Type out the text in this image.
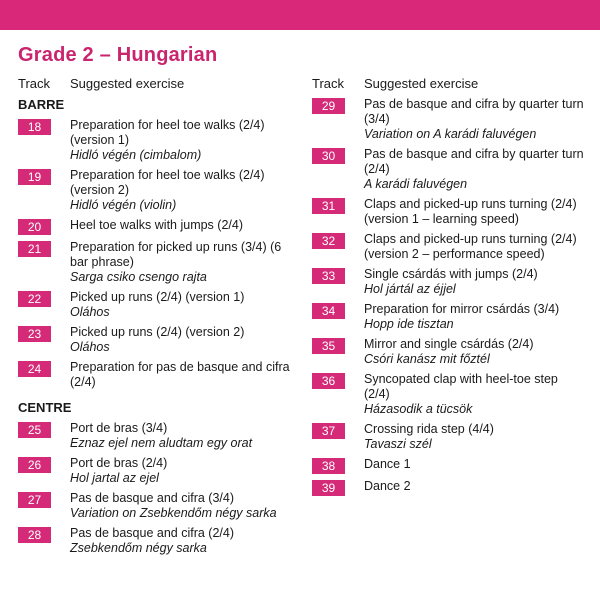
Grade 2 – Hungarian
Track	Suggested exercise
BARRE
18	Preparation for heel toe walks (2/4) (version 1)
Hidló végén (cimbalom)
19	Preparation for heel toe walks (2/4) (version 2)
Hidló végén (violin)
20	Heel toe walks with jumps (2/4)
21	Preparation for picked up runs (3/4) (6 bar phrase)
Sarga csiko csengo rajta
22	Picked up runs (2/4) (version 1)
Oláhos
23	Picked up runs (2/4) (version 2)
Oláhos
24	Preparation for pas de basque and cifra (2/4)
CENTRE
25	Port de bras (3/4)
Eznaz ejel nem aludtam egy orat
26	Port de bras (2/4)
Hol jartal az ejel
27	Pas de basque and cifra (3/4)
Variation on Zsebkendőm négy sarka
28	Pas de basque and cifra (2/4)
Zsebkendőm négy sarka
Track	Suggested exercise
29	Pas de basque and cifra by quarter turn (3/4)
Variation on A karádi faluvégen
30	Pas de basque and cifra by quarter turn (2/4)
A karádi faluvégen
31	Claps and picked-up runs turning (2/4) (version 1 – learning speed)
32	Claps and picked-up runs turning (2/4) (version 2 – performance speed)
33	Single csárdás with jumps (2/4)
Hol jártál az éjjel
34	Preparation for mirror csárdás (3/4)
Hopp ide tisztan
35	Mirror and single csárdás (2/4)
Csóri kanász mit főztél
36	Syncopated clap with heel-toe step (2/4)
Házasodik a tücsök
37	Crossing rida step (4/4)
Tavaszi szél
38	Dance 1
39	Dance 2
